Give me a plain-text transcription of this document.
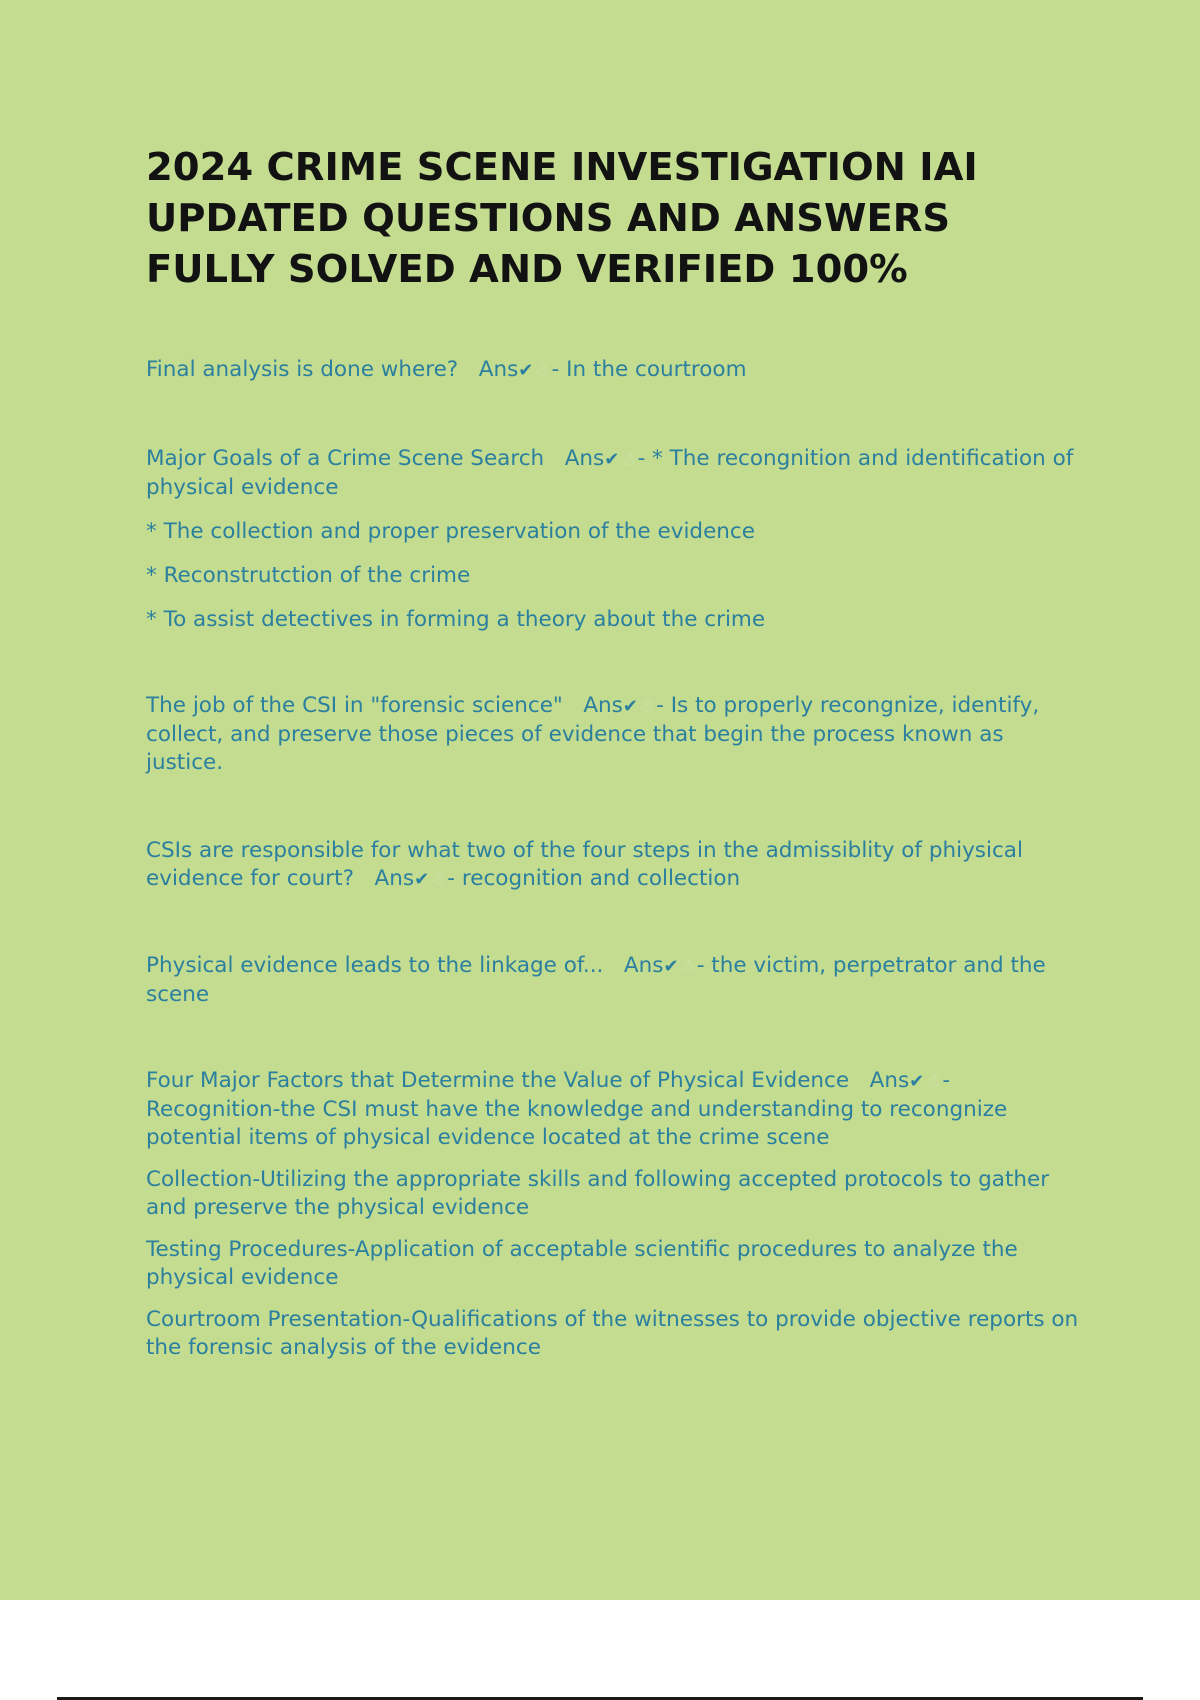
2024 CRIME SCENE INVESTIGATION IAI
UPDATED QUESTIONS AND ANSWERS
FULLY SOLVED AND VERIFIED 100%

Final analysis is done where? Ans✔☃- In the courtroom

Major Goals of a Crime Scene Search Ans✔☃- * The recongnition and identification of physical evidence

* The collection and proper preservation of the evidence

* Reconstrutction of the crime

* To assist detectives in forming a theory about the crime

The job of the CSI in "forensic science" Ans✔☃- Is to properly recongnize, identify, collect, and preserve those pieces of evidence that begin the process known as justice.

CSIs are responsible for what two of the four steps in the admissiblity of phiysical evidence for court? Ans✔☃- recognition and collection

Physical evidence leads to the linkage of... Ans✔☃- the victim, perpetrator and the scene

Four Major Factors that Determine the Value of Physical Evidence Ans✔☃- Recognition-the CSI must have the knowledge and understanding to recongnize potential items of physical evidence located at the crime scene

Collection-Utilizing the appropriate skills and following accepted protocols to gather and preserve the physical evidence

Testing Procedures-Application of acceptable scientific procedures to analyze the physical evidence

Courtroom Presentation-Qualifications of the witnesses to provide objective reports on the forensic analysis of the evidence
